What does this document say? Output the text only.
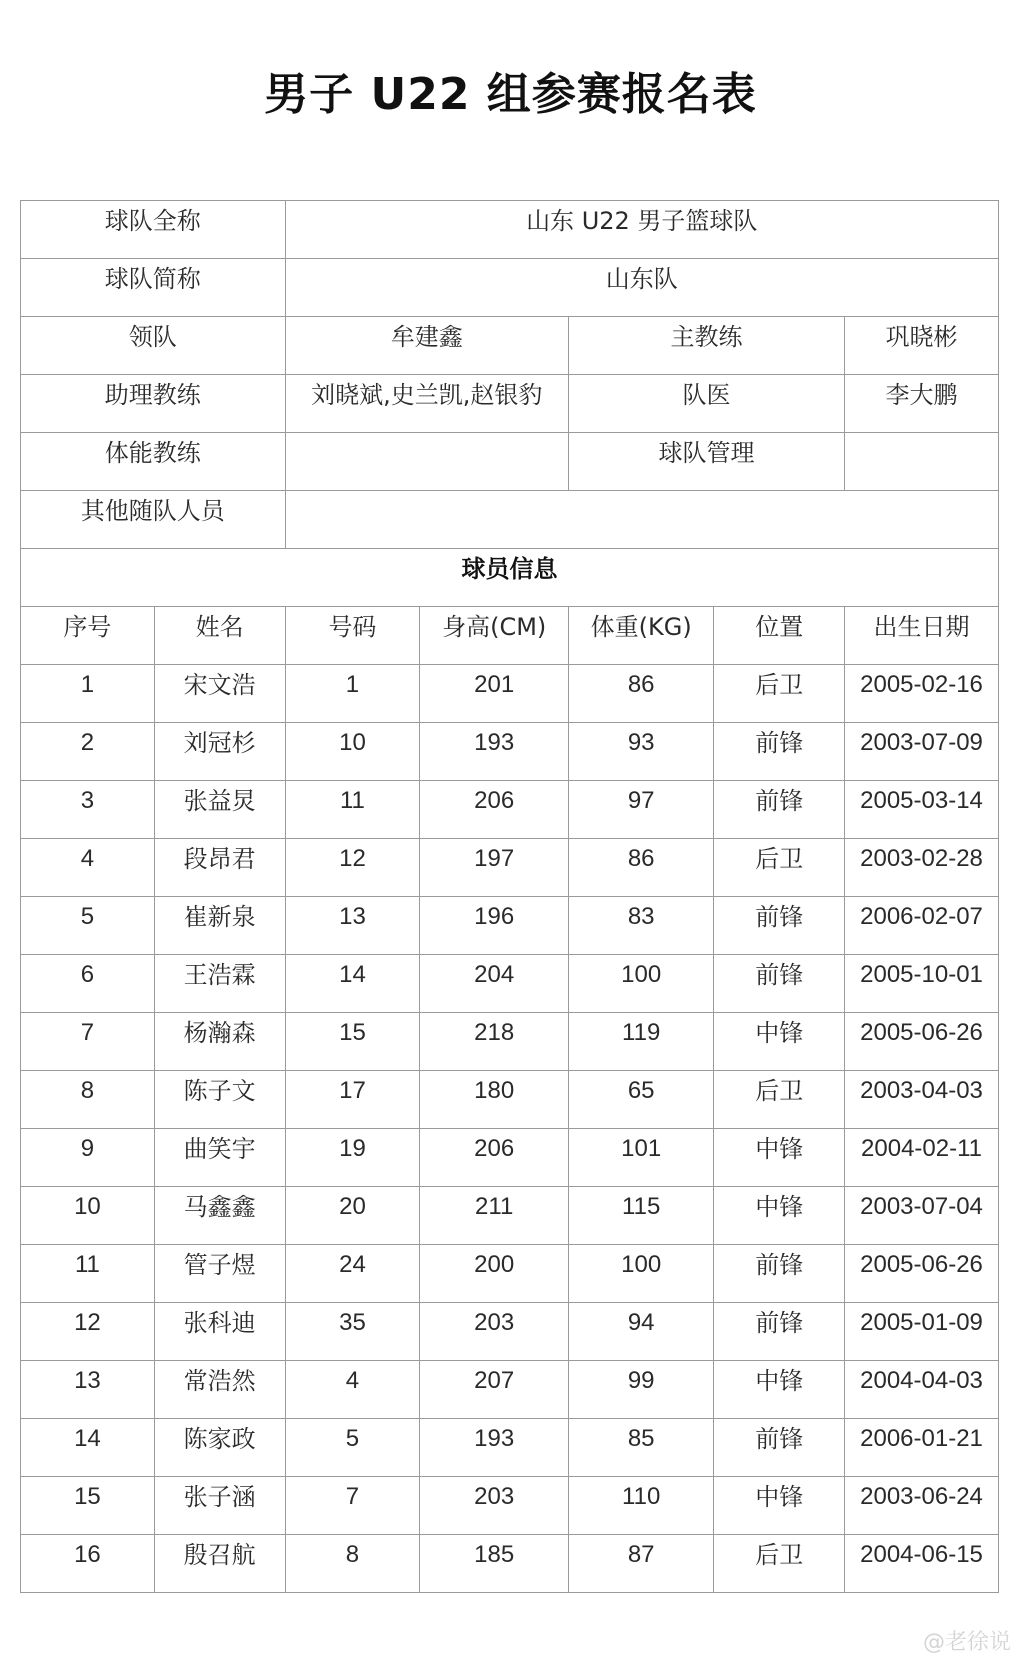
男子 U22 组参赛报名表
球队全称		山东 U22 男子篮球队				

球队简称		山东队				

领队		牟建鑫		主教练		巩晓彬

助理教练		刘晓斌,史兰凯,赵银豹		队医		李大鹏

体能教练				球队管理		

其他随队人员						

球员信息						

序号	姓名	号码	身高(CM)	体重(KG)	位置	出生日期

1	宋文浩	1	201	86	后卫	2005-02-16

2	刘冠杉	10	193	93	前锋	2003-07-09

3	张益炅	11	206	97	前锋	2005-03-14

4	段昂君	12	197	86	后卫	2003-02-28

5	崔新泉	13	196	83	前锋	2006-02-07

6	王浩霖	14	204	100	前锋	2005-10-01

7	杨瀚森	15	218	119	中锋	2005-06-26

8	陈子文	17	180	65	后卫	2003-04-03

9	曲笑宇	19	206	101	中锋	2004-02-11

10	马鑫鑫	20	211	115	中锋	2003-07-04

11	管子煜	24	200	100	前锋	2005-06-26

12	张科迪	35	203	94	前锋	2005-01-09

13	常浩然	4	207	99	中锋	2004-04-03

14	陈家政	5	193	85	前锋	2006-01-21

15	张子涵	7	203	110	中锋	2003-06-24

16	殷召航	8	185	87	后卫	2004-06-15
@老徐说
